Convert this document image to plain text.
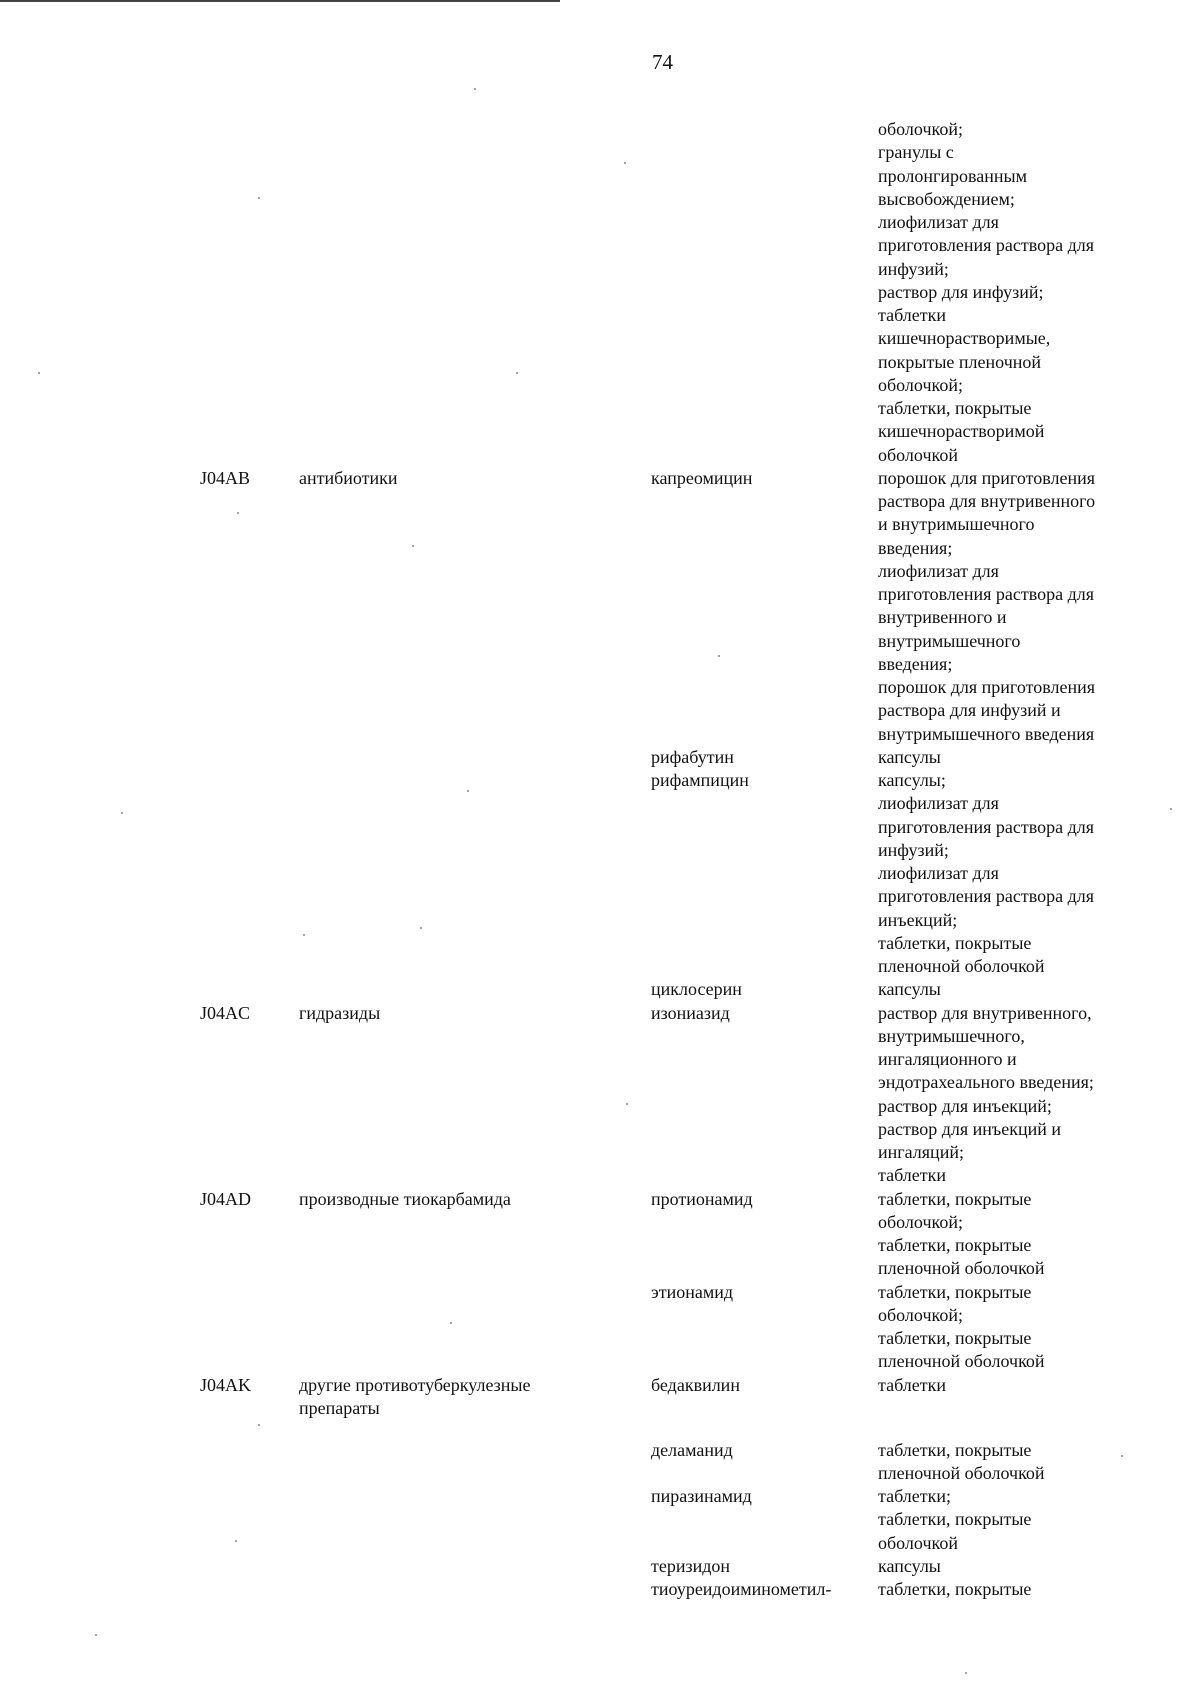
74
оболочкой;
гранулы с
пролонгированным
высвобождением;
лиофилизат для
приготовления раствора для
инфузий;
раствор для инфузий;
таблетки
кишечнорастворимые,
покрытые пленочной
оболочкой;
таблетки, покрытые
кишечнорастворимой
оболочкой
J04AB	антибиотики	капреомицин	порошок для приготовления
раствора для внутривенного
и внутримышечного
введения;
лиофилизат для
приготовления раствора для
внутривенного и
внутримышечного
введения;
порошок для приготовления
раствора для инфузий и
внутримышечного введения
рифабутин	капсулы
рифампицин	капсулы;
лиофилизат для
приготовления раствора для
инфузий;
лиофилизат для
приготовления раствора для
инъекций;
таблетки, покрытые
пленочной оболочкой
циклосерин	капсулы
J04AC	гидразиды	изониазид	раствор для внутривенного,
внутримышечного,
ингаляционного и
эндотрахеального введения;
раствор для инъекций;
раствор для инъекций и
ингаляций;
таблетки
J04AD	производные тиокарбамида	протионамид	таблетки, покрытые
оболочкой;
таблетки, покрытые
пленочной оболочкой
этионамид	таблетки, покрытые
оболочкой;
таблетки, покрытые
пленочной оболочкой
J04AK	другие противотуберкулезные
препараты
бедаквилин	таблетки
деламанид	таблетки, покрытые
пленочной оболочкой
пиразинамид	таблетки;
таблетки, покрытые
оболочкой
теризидон	капсулы
тиоуреидоиминометил-	таблетки, покрытые
